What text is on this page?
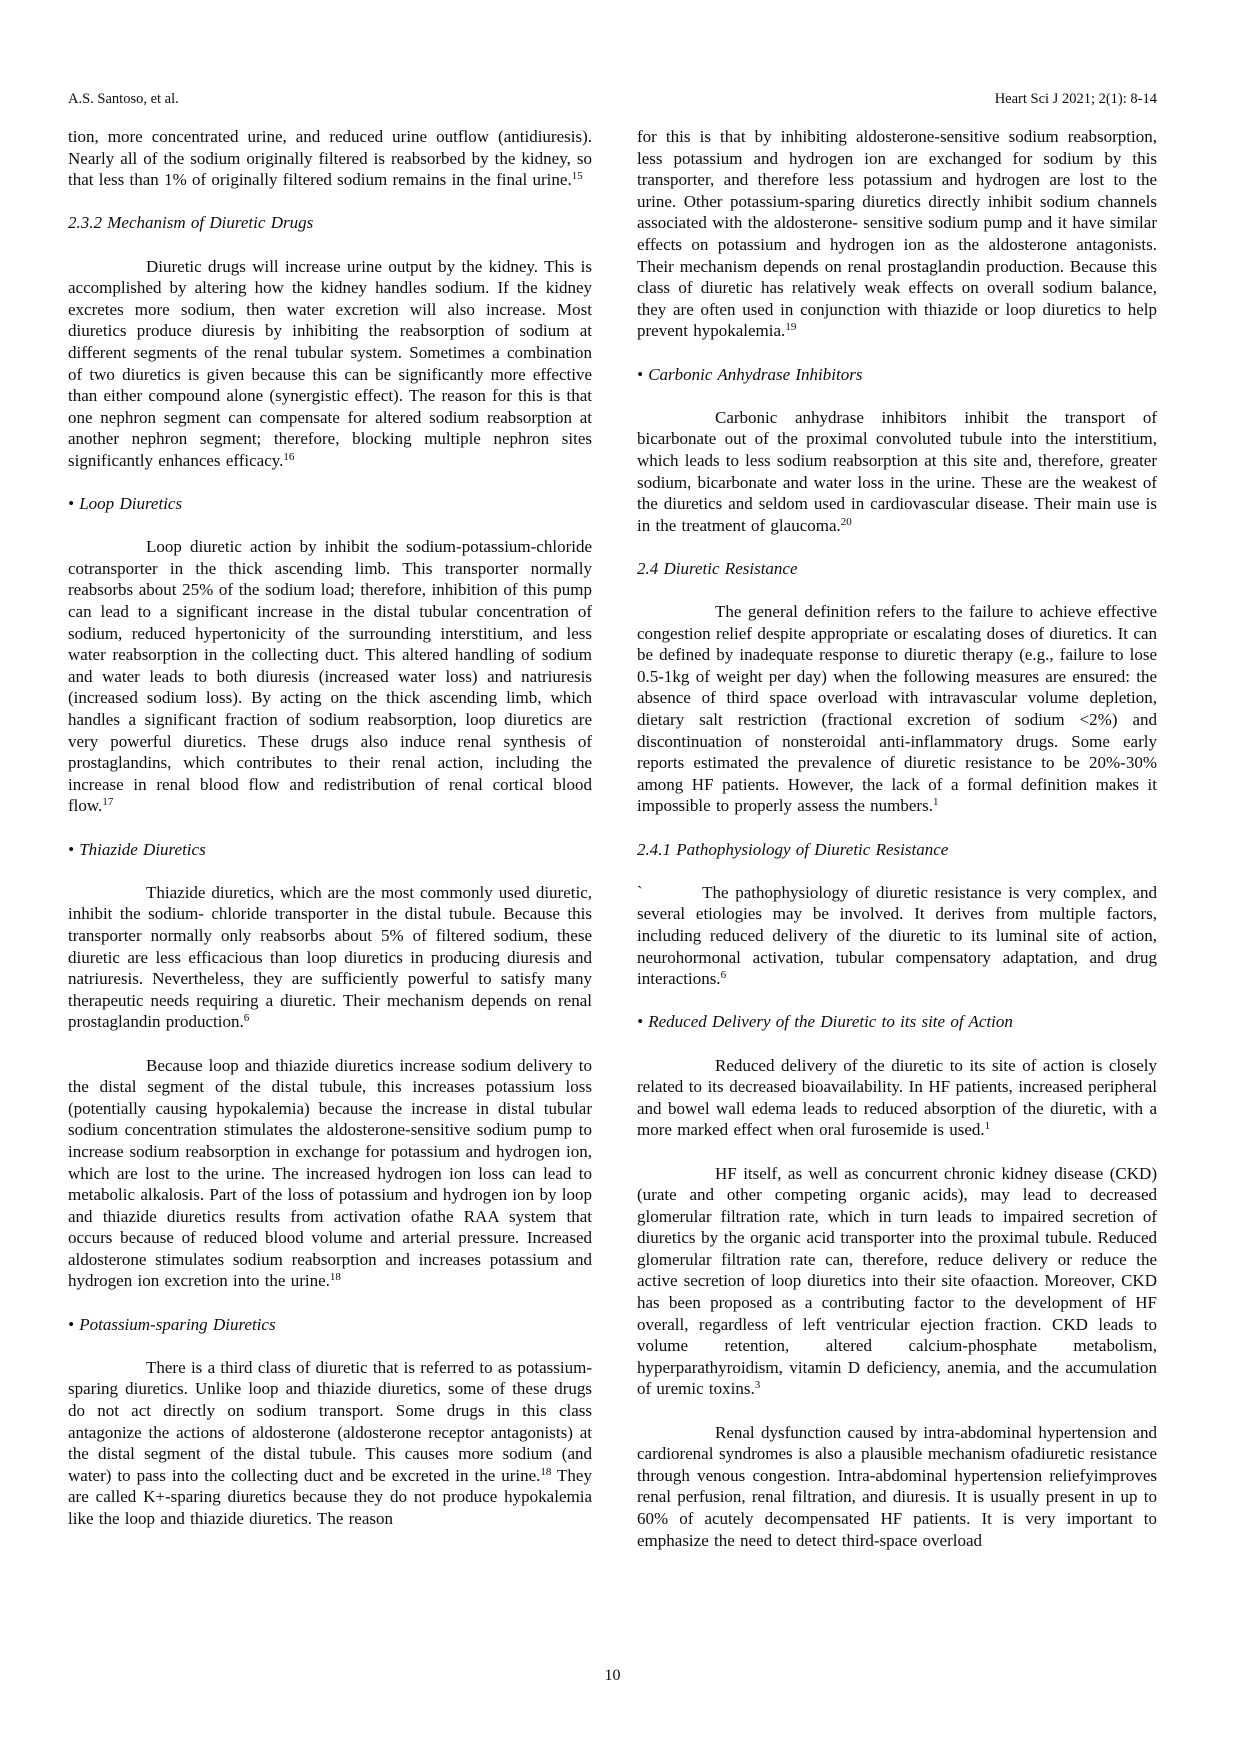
A.S. Santoso, et al.	Heart Sci J 2021; 2(1): 8-14
tion, more concentrated urine, and reduced urine outflow (antidiuresis). Nearly all of the sodium originally filtered is reabsorbed by the kidney, so that less than 1% of originally filtered sodium remains in the final urine.$^{15}$
2.3.2 Mechanism of Diuretic Drugs
Diuretic drugs will increase urine output by the kidney. This is accomplished by altering how the kidney handles sodium. If the kidney excretes more sodium, then water excretion will also increase. Most diuretics produce diuresis by inhibiting the reabsorption of sodium at different segments of the renal tubular system. Sometimes a combination of two diuretics is given because this can be significantly more effective than either compound alone (synergistic effect). The reason for this is that one nephron segment can compensate for altered sodium reabsorption at another nephron segment; therefore, blocking multiple nephron sites significantly enhances efficacy.$^{16}$
• Loop Diuretics
Loop diuretic action by inhibit the sodium-potassium-chloride cotransporter in the thick ascending limb. This transporter normally reabsorbs about 25% of the sodium load; therefore, inhibition of this pump can lead to a significant increase in the distal tubular concentration of sodium, reduced hypertonicity of the surrounding interstitium, and less water reabsorption in the collecting duct. This altered handling of sodium and water leads to both diuresis (increased water loss) and natriuresis (increased sodium loss). By acting on the thick ascending limb, which handles a significant fraction of sodium reabsorption, loop diuretics are very powerful diuretics. These drugs also induce renal synthesis of prostaglandins, which contributes to their renal action, including the increase in renal blood flow and redistribution of renal cortical blood flow.$^{17}$
• Thiazide Diuretics
Thiazide diuretics, which are the most commonly used diuretic, inhibit the sodium- chloride transporter in the distal tubule. Because this transporter normally only reabsorbs about 5% of filtered sodium, these diuretic are less efficacious than loop diuretics in producing diuresis and natriuresis. Nevertheless, they are sufficiently powerful to satisfy many therapeutic needs requiring a diuretic. Their mechanism depends on renal prostaglandin production.$^6$
Because loop and thiazide diuretics increase sodium delivery to the distal segment of the distal tubule, this increases potassium loss (potentially causing hypokalemia) because the increase in distal tubular sodium concentration stimulates the aldosterone-sensitive sodium pump to increase sodium reabsorption in exchange for potassium and hydrogen ion, which are lost to the urine. The increased hydrogen ion loss can lead to metabolic alkalosis. Part of the loss of potassium and hydrogen ion by loop and thiazide diuretics results from activation ofathe RAA system that occurs because of reduced blood volume and arterial pressure. Increased aldosterone stimulates sodium reabsorption and increases potassium and hydrogen ion excretion into the urine.$^{18}$
• Potassium-sparing Diuretics
There is a third class of diuretic that is referred to as potassium-sparing diuretics. Unlike loop and thiazide diuretics, some of these drugs do not act directly on sodium transport. Some drugs in this class antagonize the actions of aldosterone (aldosterone receptor antagonists) at the distal segment of the distal tubule. This causes more sodium (and water) to pass into the collecting duct and be excreted in the urine.$^{18}$ They are called K+-sparing diuretics because they do not produce hypokalemia like the loop and thiazide diuretics. The reason
for this is that by inhibiting aldosterone-sensitive sodium reabsorption, less potassium and hydrogen ion are exchanged for sodium by this transporter, and therefore less potassium and hydrogen are lost to the urine. Other potassium-sparing diuretics directly inhibit sodium channels associated with the aldosterone- sensitive sodium pump and it have similar effects on potassium and hydrogen ion as the aldosterone antagonists. Their mechanism depends on renal prostaglandin production. Because this class of diuretic has relatively weak effects on overall sodium balance, they are often used in conjunction with thiazide or loop diuretics to help prevent hypokalemia.$^{19}$
• Carbonic Anhydrase Inhibitors
Carbonic anhydrase inhibitors inhibit the transport of bicarbonate out of the proximal convoluted tubule into the interstitium, which leads to less sodium reabsorption at this site and, therefore, greater sodium, bicarbonate and water loss in the urine. These are the weakest of the diuretics and seldom used in cardiovascular disease. Their main use is in the treatment of glaucoma.$^{20}$
2.4 Diuretic Resistance
The general definition refers to the failure to achieve effective congestion relief despite appropriate or escalating doses of diuretics. It can be defined by inadequate response to diuretic therapy (e.g., failure to lose 0.5-1kg of weight per day) when the following measures are ensured: the absence of third space overload with intravascular volume depletion, dietary salt restriction (fractional excretion of sodium <2%) and discontinuation of nonsteroidal anti-inflammatory drugs. Some early reports estimated the prevalence of diuretic resistance to be 20%-30% among HF patients. However, the lack of a formal definition makes it impossible to properly assess the numbers.$^1$
2.4.1 Pathophysiology of Diuretic Resistance
`    The pathophysiology of diuretic resistance is very complex, and several etiologies may be involved. It derives from multiple factors, including reduced delivery of the diuretic to its luminal site of action, neurohormonal activation, tubular compensatory adaptation, and drug interactions.$^6$
• Reduced Delivery of the Diuretic to its site of Action
Reduced delivery of the diuretic to its site of action is closely related to its decreased bioavailability. In HF patients, increased peripheral and bowel wall edema leads to reduced absorption of the diuretic, with a more marked effect when oral furosemide is used.$^1$
HF itself, as well as concurrent chronic kidney disease (CKD) (urate and other competing organic acids), may lead to decreased glomerular filtration rate, which in turn leads to impaired secretion of diuretics by the organic acid transporter into the proximal tubule. Reduced glomerular filtration rate can, therefore, reduce delivery or reduce the active secretion of loop diuretics into their site ofaaction. Moreover, CKD has been proposed as a contributing factor to the development of HF overall, regardless of left ventricular ejection fraction. CKD leads to volume retention, altered calcium-phosphate metabolism, hyperparathyroidism, vitamin D deficiency, anemia, and the accumulation of uremic toxins.$^3$
Renal dysfunction caused by intra-abdominal hypertension and cardiorenal syndromes is also a plausible mechanism ofadiuretic resistance through venous congestion. Intra-abdominal hypertension reliefyimproves renal perfusion, renal filtration, and diuresis. It is usually present in up to 60% of acutely decompensated HF patients. It is very important to emphasize the need to detect third-space overload
10
